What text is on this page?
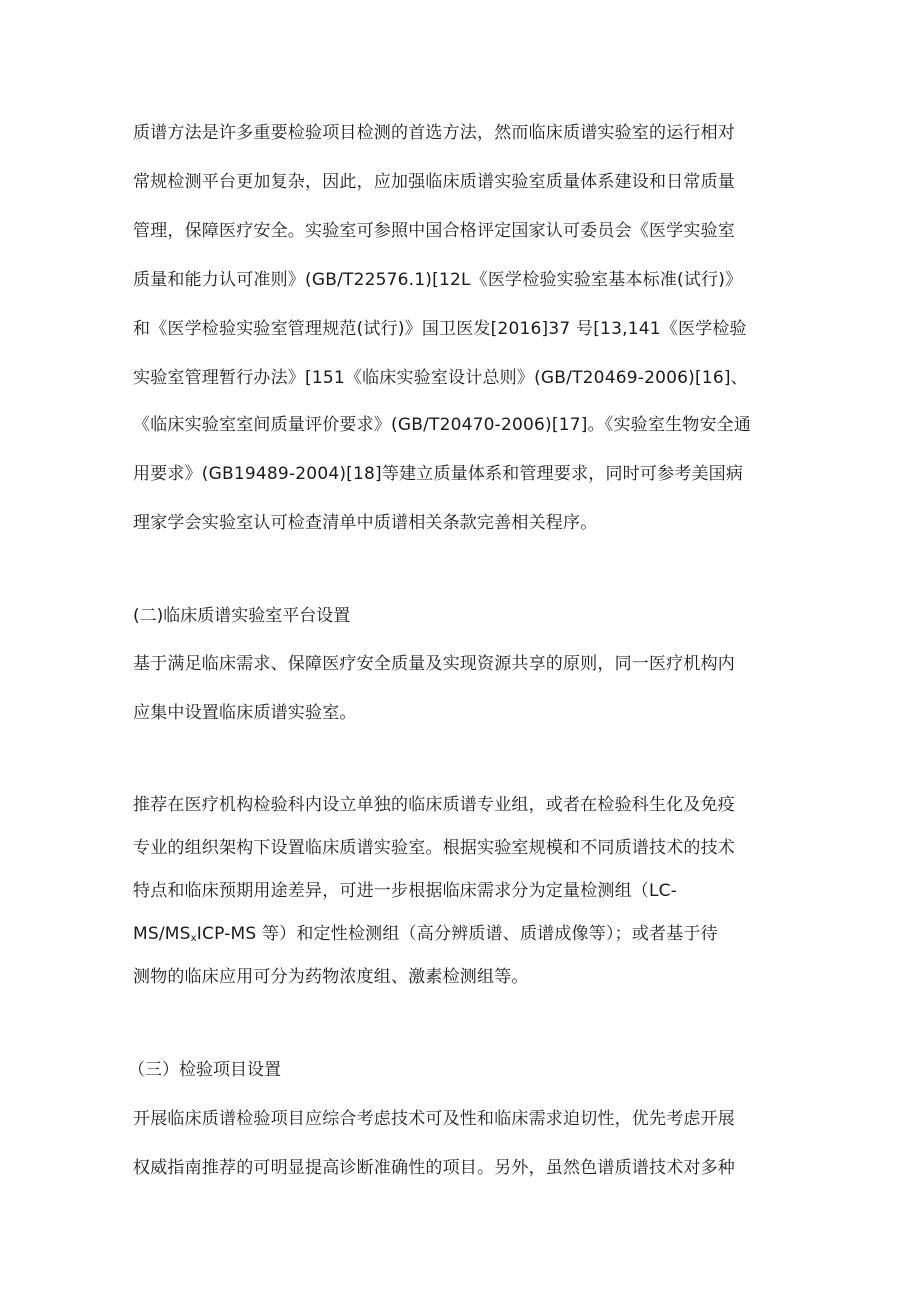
质谱方法是许多重要检验项目检测的首选方法，然而临床质谱实验室的运行相对
常规检测平台更加复杂，因此，应加强临床质谱实验室质量体系建设和日常质量
管理，保障医疗安全。实验室可参照中国合格评定国家认可委员会《医学实验室
质量和能力认可准则》(GB/T22576.1)[12L《医学检验实验室基本标准(试行)》
和《医学检验实验室管理规范(试行)》国卫医发[2016]37 号[13,141《医学检验
实验室管理暂行办法》[151《临床实验室设计总则》(GB/T20469-2006)[16]、
《临床实验室室间质量评价要求》(GB/T20470-2006)[17]。《实验室生物安全通
用要求》(GB19489-2004)[18]等建立质量体系和管理要求，同时可参考美国病
理家学会实验室认可检查清单中质谱相关条款完善相关程序。
(二)临床质谱实验室平台设置
基于满足临床需求、保障医疗安全质量及实现资源共享的原则，同一医疗机构内
应集中设置临床质谱实验室。
推荐在医疗机构检验科内设立单独的临床质谱专业组，或者在检验科生化及免疫
专业的组织架构下设置临床质谱实验室。根据实验室规模和不同质谱技术的技术
特点和临床预期用途差异，可进一步根据临床需求分为定量检测组（LC-
$MS/MS_xICP-MS$ 等）和定性检测组（高分辨质谱、质谱成像等）；或者基于待
测物的临床应用可分为药物浓度组、激素检测组等。
（三）检验项目设置
开展临床质谱检验项目应综合考虑技术可及性和临床需求迫切性，优先考虑开展
权威指南推荐的可明显提高诊断准确性的项目。另外，虽然色谱质谱技术对多种
